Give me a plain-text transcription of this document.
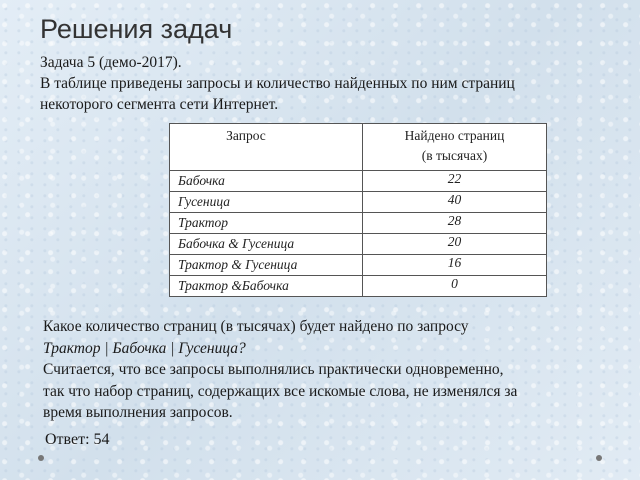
Решения задач
Задача 5 (демо-2017).
В таблице приведены запросы и количество найденных по ним страниц
некоторого сегмента сети Интернет.
Запрос	Найдено страниц
(в тысячах)

Бабочка	22
Гусеница	40
Трактор	28
Бабочка & Гусеница	20
Трактор & Гусеница	16
Трактор &Бабочка	0
Какое количество страниц (в тысячах) будет найдено по запросу
Трактор | Бабочка | Гусеница?
Считается, что все запросы выполнялись практически одновременно,
так что набор страниц, содержащих все искомые слова, не изменялся за
время выполнения запросов.
Ответ: 54
